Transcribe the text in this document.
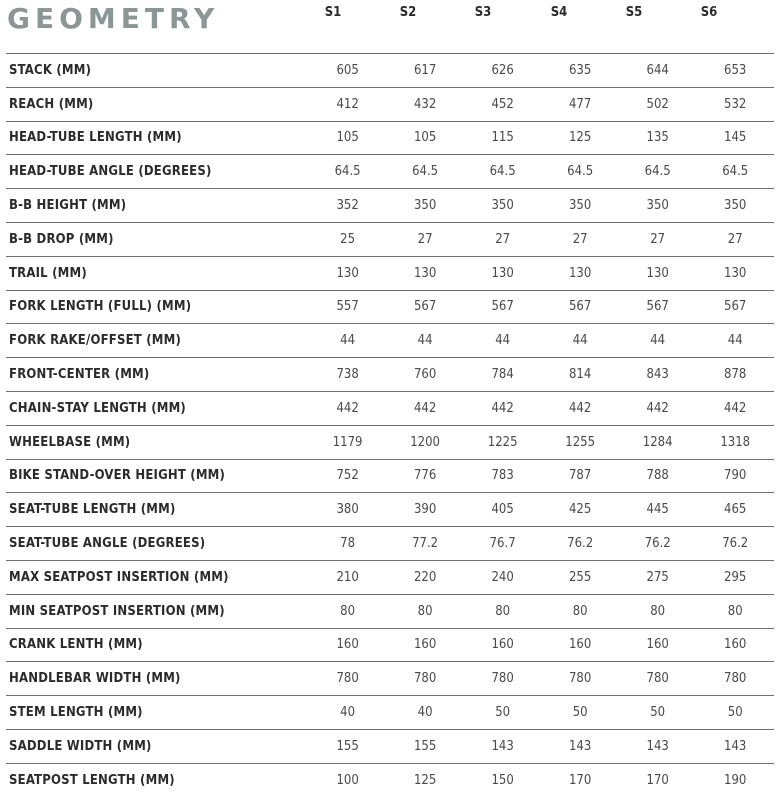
GEOMETRY	S1	S2	S3	S4	S5	S6
STACK (MM)	605	617	626	635	644	653
REACH (MM)	412	432	452	477	502	532
HEAD-TUBE LENGTH (MM)	105	105	115	125	135	145
HEAD-TUBE ANGLE (DEGREES)	64.5	64.5	64.5	64.5	64.5	64.5
B-B HEIGHT (MM)	352	350	350	350	350	350
B-B DROP (MM)	25	27	27	27	27	27
TRAIL (MM)	130	130	130	130	130	130
FORK LENGTH (FULL) (MM)	557	567	567	567	567	567
FORK RAKE/OFFSET (MM)	44	44	44	44	44	44
FRONT-CENTER (MM)	738	760	784	814	843	878
CHAIN-STAY LENGTH (MM)	442	442	442	442	442	442
WHEELBASE (MM)	1179	1200	1225	1255	1284	1318
BIKE STAND-OVER HEIGHT (MM)	752	776	783	787	788	790
SEAT-TUBE LENGTH (MM)	380	390	405	425	445	465
SEAT-TUBE ANGLE (DEGREES)	78	77.2	76.7	76.2	76.2	76.2
MAX SEATPOST INSERTION (MM)	210	220	240	255	275	295
MIN SEATPOST INSERTION (MM)	80	80	80	80	80	80
CRANK LENTH (MM)	160	160	160	160	160	160
HANDLEBAR WIDTH (MM)	780	780	780	780	780	780
STEM LENGTH (MM)	40	40	50	50	50	50
SADDLE WIDTH (MM)	155	155	143	143	143	143
SEATPOST LENGTH (MM)	100	125	150	170	170	190
